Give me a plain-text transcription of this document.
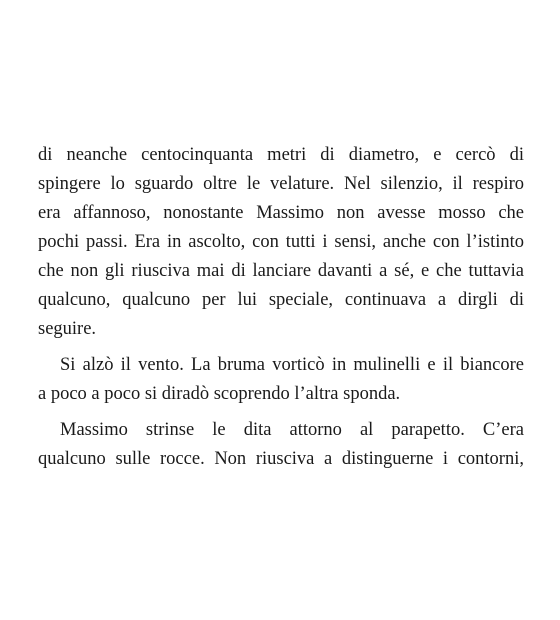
di neanche centocinquanta metri di diametro, e cercò di
spingere lo sguardo oltre le velature. Nel silenzio, il respiro
era affannoso, nonostante Massimo non avesse mosso che
pochi passi. Era in ascolto, con tutti i sensi, anche con l’istinto
che non gli riusciva mai di lanciare davanti a sé, e che tuttavia
qualcuno, qualcuno per lui speciale, continuava a dirgli di
seguire.
Si alzò il vento. La bruma vorticò in mulinelli e il biancore
a poco a poco si diradò scoprendo l’altra sponda.
Massimo strinse le dita attorno al parapetto. C’era
qualcuno sulle rocce. Non riusciva a distinguerne i contorni,
